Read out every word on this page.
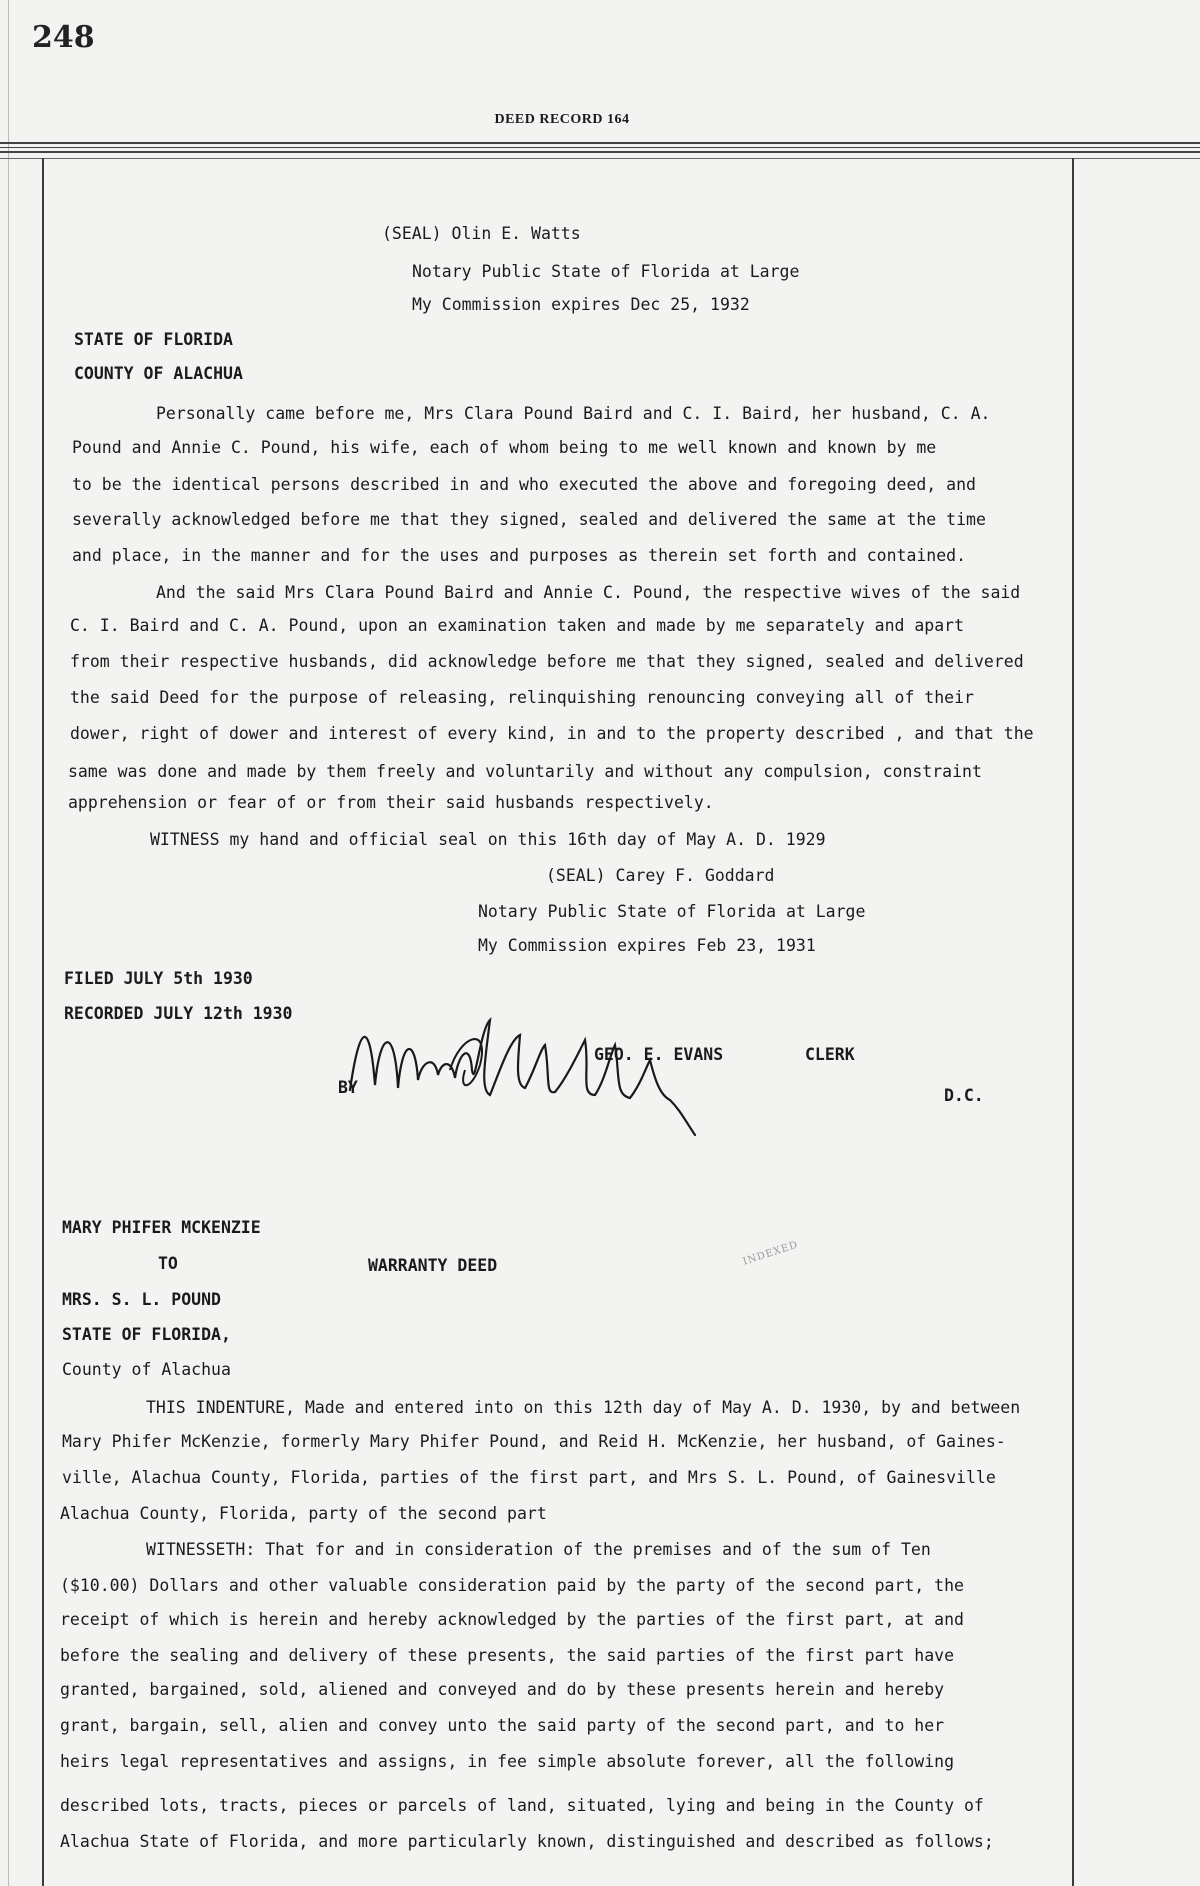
248
DEED RECORD 164
(SEAL) Olin E. Watts
Notary Public State of Florida at Large
My Commission expires Dec 25, 1932
STATE OF FLORIDA
COUNTY OF ALACHUA
Personally came before me, Mrs Clara Pound Baird and C. I. Baird, her husband, C. A.
Pound and Annie C. Pound, his wife, each of whom being to me well known and known by me
to be the identical persons described in and who executed the above and foregoing deed, and
severally acknowledged before me that they signed, sealed and delivered the same at the time
and place, in the manner and for the uses and purposes as therein set forth and contained.
And the said Mrs Clara Pound Baird and Annie C. Pound, the respective wives of the said
C. I. Baird and C. A. Pound, upon an examination taken and made by me separately and apart
from their respective husbands, did acknowledge before me that they signed, sealed and delivered
the said Deed for the purpose of releasing, relinquishing renouncing conveying all of their
dower, right of dower and interest of every kind, in and to the property described , and that the
same was done and made by them freely and voluntarily and without any compulsion, constraint
apprehension or fear of or from their said husbands respectively.
WITNESS my hand and official seal on this 16th day of May A. D. 1929
(SEAL) Carey F. Goddard
Notary Public State of Florida at Large
My Commission expires Feb 23, 1931
FILED JULY 5th 1930
RECORDED JULY 12th 1930
GEO. E. EVANS	CLERK
BY	D.C.
MARY PHIFER MCKENZIE
TO	WARRANTY DEED
MRS. S. L. POUND
STATE OF FLORIDA,
County of Alachua
INDEXED
THIS INDENTURE, Made and entered into on this 12th day of May A. D. 1930, by and between
Mary Phifer McKenzie, formerly Mary Phifer Pound, and Reid H. McKenzie, her husband, of Gaines-
ville, Alachua County, Florida, parties of the first part, and Mrs S. L. Pound, of Gainesville
Alachua County, Florida, party of the second part
WITNESSETH: That for and in consideration of the premises and of the sum of Ten
($10.00) Dollars and other valuable consideration paid by the party of the second part, the
receipt of which is herein and hereby acknowledged by the parties of the first part, at and
before the sealing and delivery of these presents, the said parties of the first part have
granted, bargained, sold, aliened and conveyed and do by these presents herein and hereby
grant, bargain, sell, alien and convey unto the said party of the second part, and to her
heirs legal representatives and assigns, in fee simple absolute forever, all the following
described lots, tracts, pieces or parcels of land, situated, lying and being in the County of
Alachua State of Florida, and more particularly known, distinguished and described as follows;
